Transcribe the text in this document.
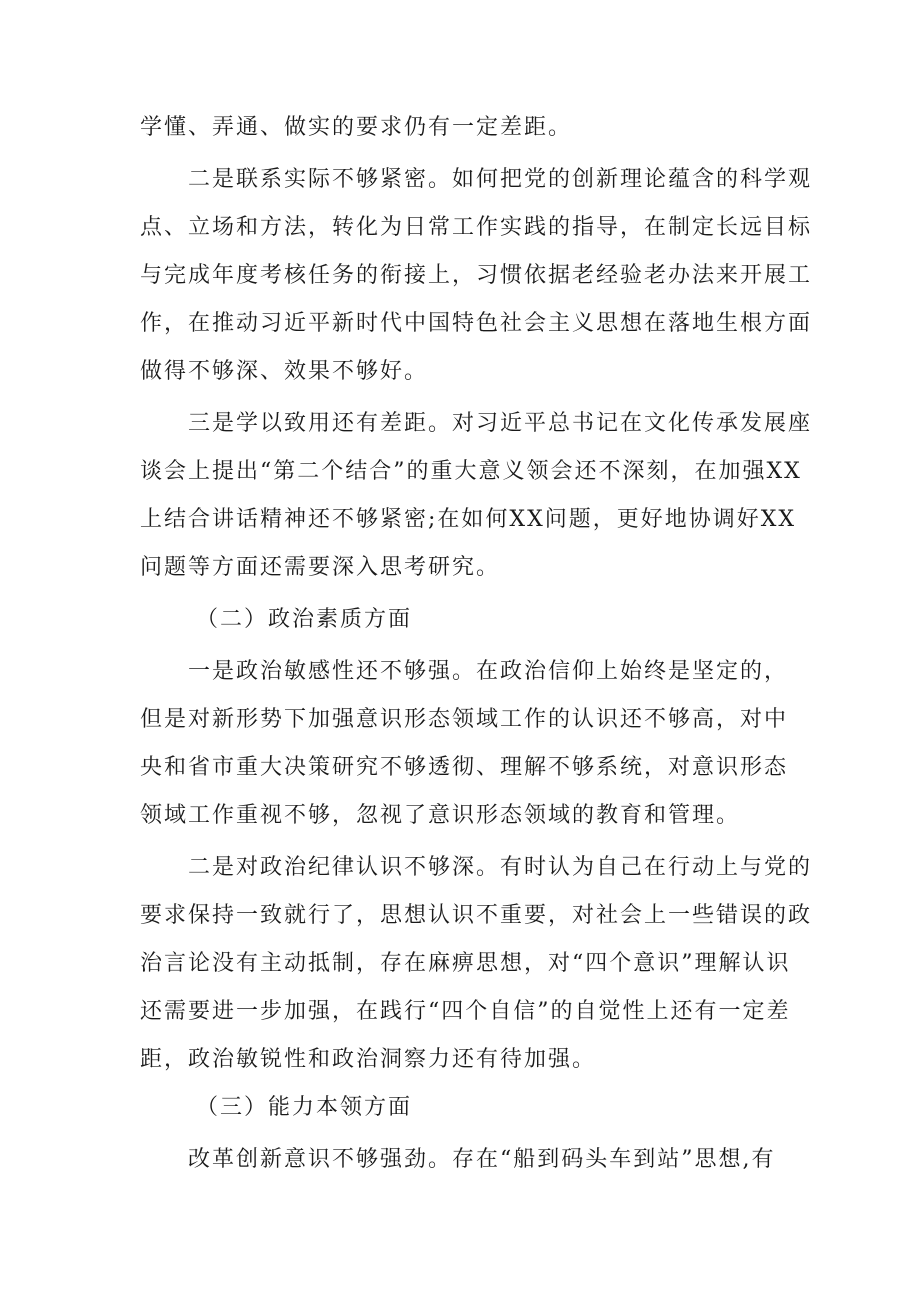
学懂、弄通、做实的要求仍有一定差距。
二是联系实际不够紧密。如何把党的创新理论蕴含的科学观
点、立场和方法，转化为日常工作实践的指导，在制定长远目标
与完成年度考核任务的衔接上，习惯依据老经验老办法来开展工
作，在推动习近平新时代中国特色社会主义思想在落地生根方面
做得不够深、效果不够好。
三是学以致用还有差距。对习近平总书记在文化传承发展座
谈会上提出“第二个结合”的重大意义领会还不深刻，在加强XX
上结合讲话精神还不够紧密;在如何XX问题，更好地协调好XX
问题等方面还需要深入思考研究。
（二）政治素质方面
一是政治敏感性还不够强。在政治信仰上始终是坚定的，
但是对新形势下加强意识形态领域工作的认识还不够高，对中
央和省市重大决策研究不够透彻、理解不够系统，对意识形态
领域工作重视不够，忽视了意识形态领域的教育和管理。
二是对政治纪律认识不够深。有时认为自己在行动上与党的
要求保持一致就行了，思想认识不重要，对社会上一些错误的政
治言论没有主动抵制，存在麻痹思想，对“四个意识”理解认识
还需要进一步加强，在践行“四个自信”的自觉性上还有一定差
距，政治敏锐性和政治洞察力还有待加强。
（三）能力本领方面
改革创新意识不够强劲。存在“船到码头车到站”思想,有
